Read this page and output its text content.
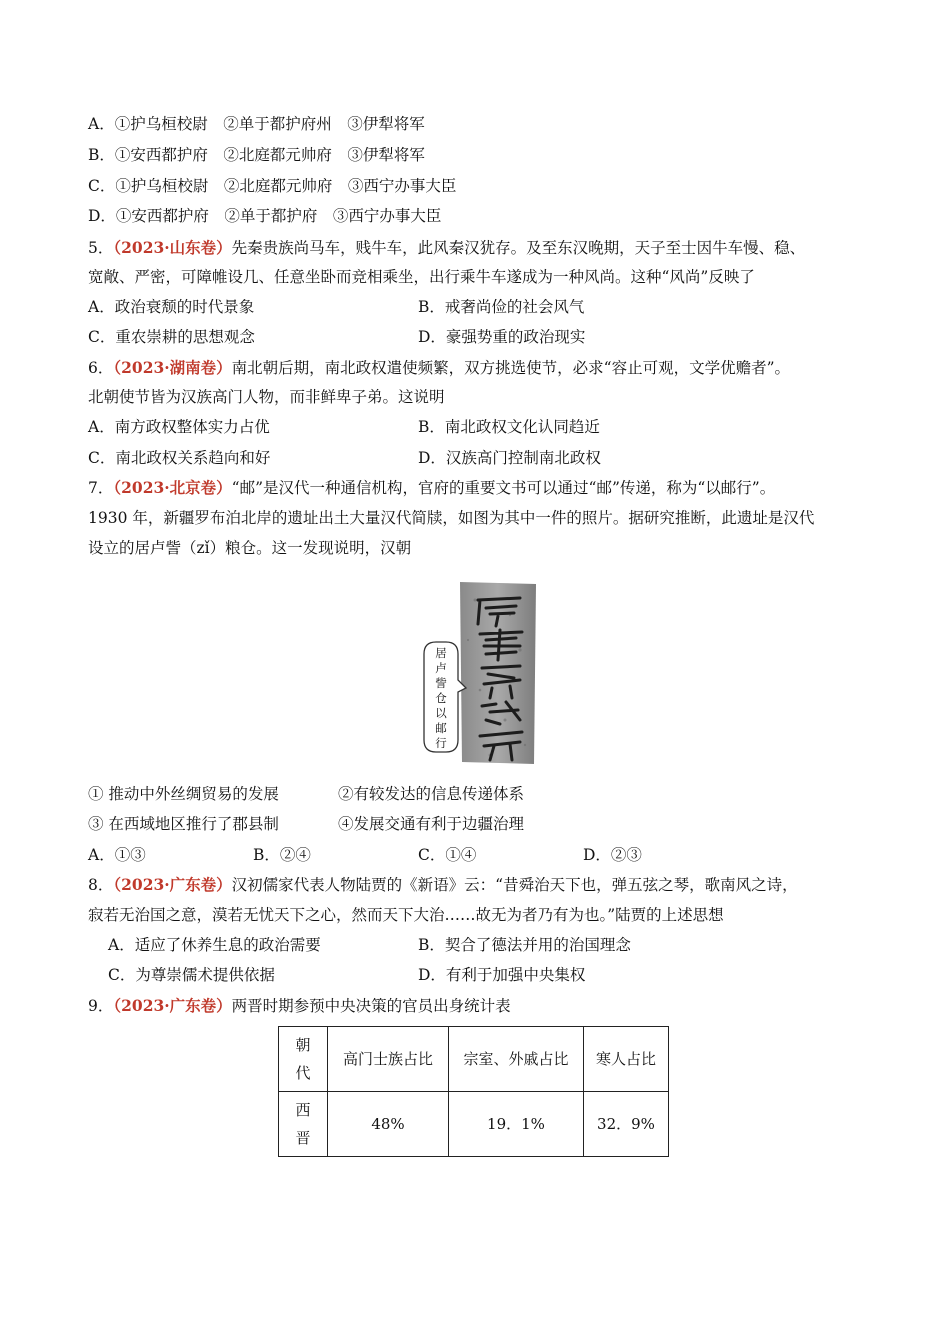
A．①护乌桓校尉　②单于都护府州　③伊犁将军
B．①安西都护府　②北庭都元帅府　③伊犁将军
C．①护乌桓校尉　②北庭都元帅府　③西宁办事大臣
D．①安西都护府　②单于都护府　③西宁办事大臣
5．（2023·山东卷）先秦贵族尚马车，贱牛车，此风秦汉犹存。及至东汉晚期，天子至士因牛车慢、稳、
宽敞、严密，可障帷设几、任意坐卧而竞相乘坐，出行乘牛车遂成为一种风尚。这种“风尚”反映了
A．政治衰颓的时代景象	B．戒奢尚俭的社会风气
C．重农崇耕的思想观念	D．豪强势重的政治现实
6．（2023·湖南卷）南北朝后期，南北政权遣使频繁，双方挑选使节，必求“容止可观，文学优赡者”。
北朝使节皆为汉族高门人物，而非鲜卑子弟。这说明
A．南方政权整体实力占优	B．南北政权文化认同趋近
C．南北政权关系趋向和好	D．汉族高门控制南北政权
7．（2023·北京卷）“邮”是汉代一种通信机构，官府的重要文书可以通过“邮”传递，称为“以邮行”。
1930 年，新疆罗布泊北岸的遗址出土大量汉代简牍，如图为其中一件的照片。据研究推断，此遗址是汉代
设立的居卢訾（zǐ）粮仓。这一发现说明，汉朝
居
卢
訾
仓
以
邮
行
① 推动中外丝绸贸易的发展	②有较发达的信息传递体系
③ 在西域地区推行了郡县制	④发展交通有利于边疆治理
A．①③	B．②④	C．①④	D．②③
8．（2023·广东卷）汉初儒家代表人物陆贾的《新语》云：“昔舜治天下也，弹五弦之琴，歌南风之诗，
寂若无治国之意，漠若无忧天下之心，然而天下大治……故无为者乃有为也。”陆贾的上述思想
A．适应了休养生息的政治需要	B．契合了德法并用的治国理念
C．为尊崇儒术提供依据	D．有利于加强中央集权
9．（2023·广东卷）两晋时期参预中央决策的官员出身统计表
朝代	高门士族占比	宗室、外戚占比	寒人占比

西晋	48%	19．1%	32．9%
